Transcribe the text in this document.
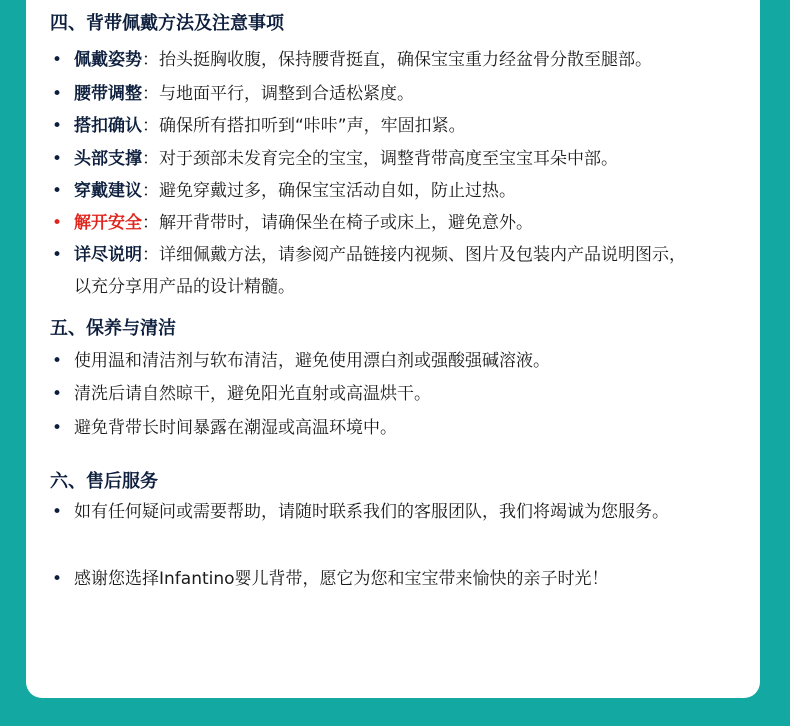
四、背带佩戴方法及注意事项
• 佩戴姿势：抬头挺胸收腹，保持腰背挺直，确保宝宝重力经盆骨分散至腿部。
• 腰带调整：与地面平行，调整到合适松紧度。
• 搭扣确认：确保所有搭扣听到“咔咔”声，牢固扣紧。
• 头部支撑：对于颈部未发育完全的宝宝，调整背带高度至宝宝耳朵中部。
• 穿戴建议：避免穿戴过多，确保宝宝活动自如，防止过热。
• 解开安全：解开背带时，请确保坐在椅子或床上，避免意外。
• 详尽说明：详细佩戴方法，请参阅产品链接内视频、图片及包装内产品说明图示，以充分享用产品的设计精髓。
五、保养与清洁
• 使用温和清洁剂与软布清洁，避免使用漂白剂或强酸强碱溶液。
• 清洗后请自然晾干，避免阳光直射或高温烘干。
• 避免背带长时间暴露在潮湿或高温环境中。
六、售后服务
• 如有任何疑问或需要帮助，请随时联系我们的客服团队，我们将竭诚为您服务。
• 感谢您选择Infantino婴儿背带，愿它为您和宝宝带来愉快的亲子时光！
